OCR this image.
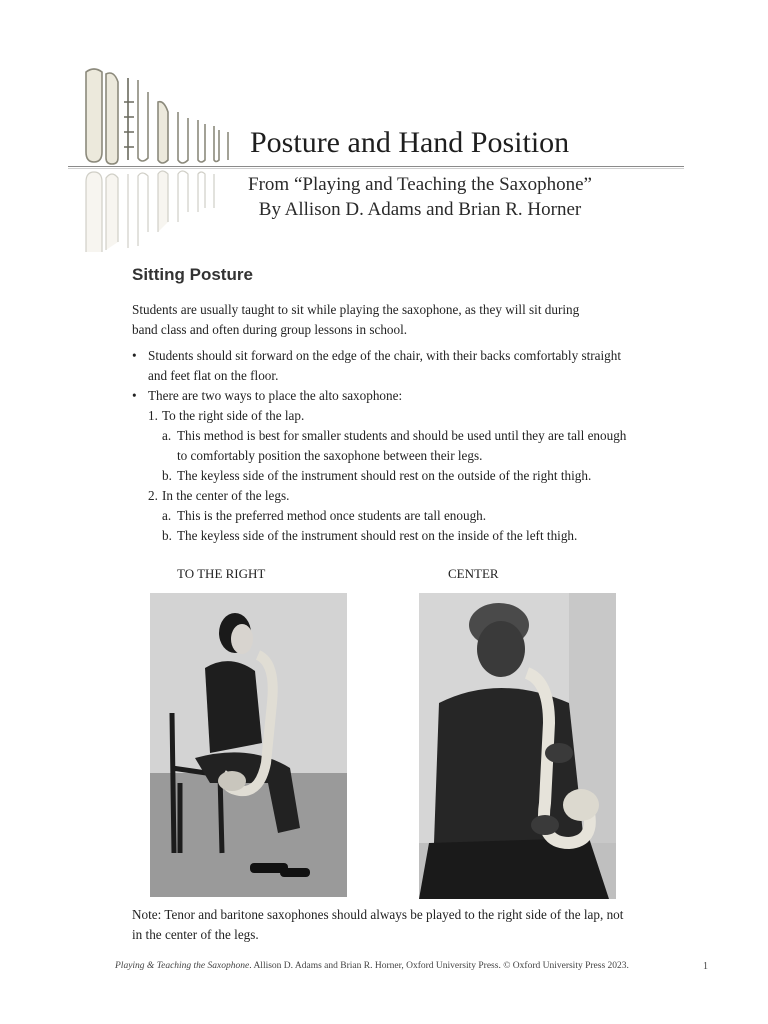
Posture and Hand Position
From “Playing and Teaching the Saxophone”
By Allison D. Adams and Brian R. Horner
Sitting Posture
Students are usually taught to sit while playing the saxophone, as they will sit during
band class and often during group lessons in school.
• Students should sit forward on the edge of the chair, with their backs comfortably straight
and feet flat on the floor.
• There are two ways to place the alto saxophone:
1. To the right side of the lap.
a. This method is best for smaller students and should be used until they are tall enough
to comfortably position the saxophone between their legs.
b. The keyless side of the instrument should rest on the outside of the right thigh.
2. In the center of the legs.
a. This is the preferred method once students are tall enough.
b. The keyless side of the instrument should rest on the inside of the left thigh.
TO THE RIGHT	CENTER
Note: Tenor and baritone saxophones should always be played to the right side of the lap, not
in the center of the legs.
Playing & Teaching the Saxophone. Allison D. Adams and Brian R. Horner, Oxford University Press. © Oxford University Press 2023.	1
